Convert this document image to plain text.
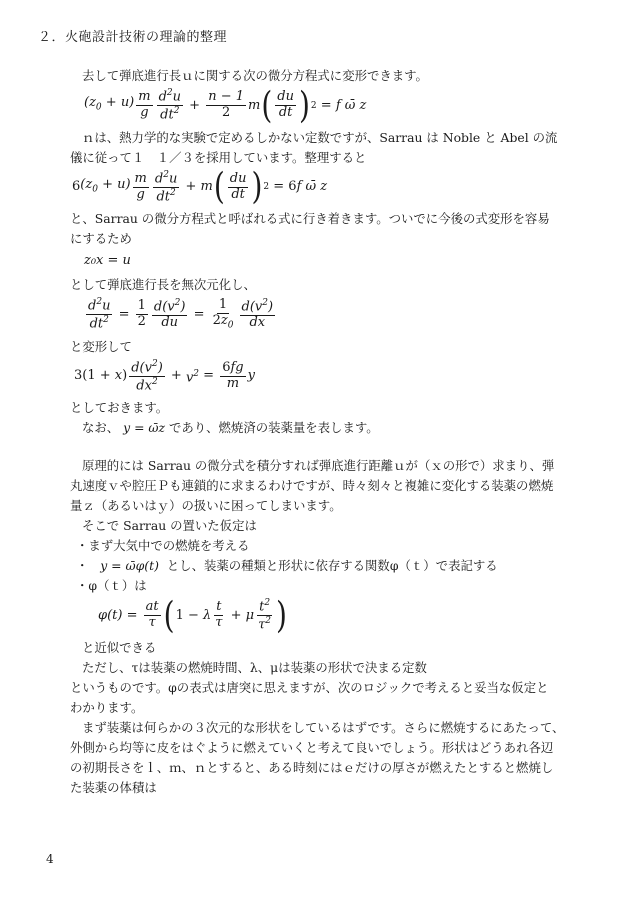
２．火砲設計技術の理論的整理

去して弾底進行長ｕに関する次の微分方程式に変形できます。

$(z_0 + u) \frac{m}{g} \frac{d^2u}{dt^2} + \frac{n - 1}{2}$ m ( $\frac{du}{dt}$ ) 2 = f ω̄ z

ｎは、熱力学的な実験で定めるしかない定数ですが、Sarrau は Noble と Abel の流

儀に従って１　１／３を採用しています。整理すると

6 $(z_0 + u) \frac{m}{g} \frac{d^2u}{dt^2} + m$ ( $\frac{du}{dt}$ ) 2 = 6 f ω̄ z

と、Sarrau の微分方程式と呼ばれる式に行き着きます。ついでに今後の式変形を容易

にするため

z₀x = u

として弾底進行長を無次元化し、

$\frac{d^2u}{dt^2} = \frac{1}{2} \frac{d(v^2)}{du} = \frac{1}{2z_0} \frac{d(v^2)}{dx}$

と変形して

3(1 + x ) $\frac{d(v^2)}{dx^2} + v^2 = \frac{6fg}{m}$ y

としておきます。

なお、 y = ω̄z であり、燃焼済の装薬量を表します。

原理的には Sarrau の微分式を積分すれば弾底進行距離ｕが（ｘの形で）求まり、弾

丸速度ｖや腔圧Ｐも連鎖的に求まるわけですが、時々刻々と複雑に変化する装薬の燃焼

量ｚ（あるいはｙ）の扱いに困ってしまいます。

そこで Sarrau の置いた仮定は

・まず大気中での燃焼を考える

・ y = ω̄φ(t) とし、装薬の種類と形状に依存する関数φ（ｔ）で表記する

・φ（ｔ）は

$\varphi(t) = \frac{at}{\tau}$ ( 1 − λ $\frac{t}{\tau} + \mu \frac{t^2}{\tau^2}$ )

と近似できる

ただし、τは装薬の燃焼時間、λ、μは装薬の形状で決まる定数

というものです。φの表式は唐突に思えますが、次のロジックで考えると妥当な仮定と

わかります。

まず装薬は何らかの３次元的な形状をしているはずです。さらに燃焼するにあたって、

外側から均等に皮をはぐように燃えていくと考えて良いでしょう。形状はどうあれ各辺

の初期長さをｌ、ｍ、ｎとすると、ある時刻にはｅだけの厚さが燃えたとすると燃焼し

た装薬の体積は

4
